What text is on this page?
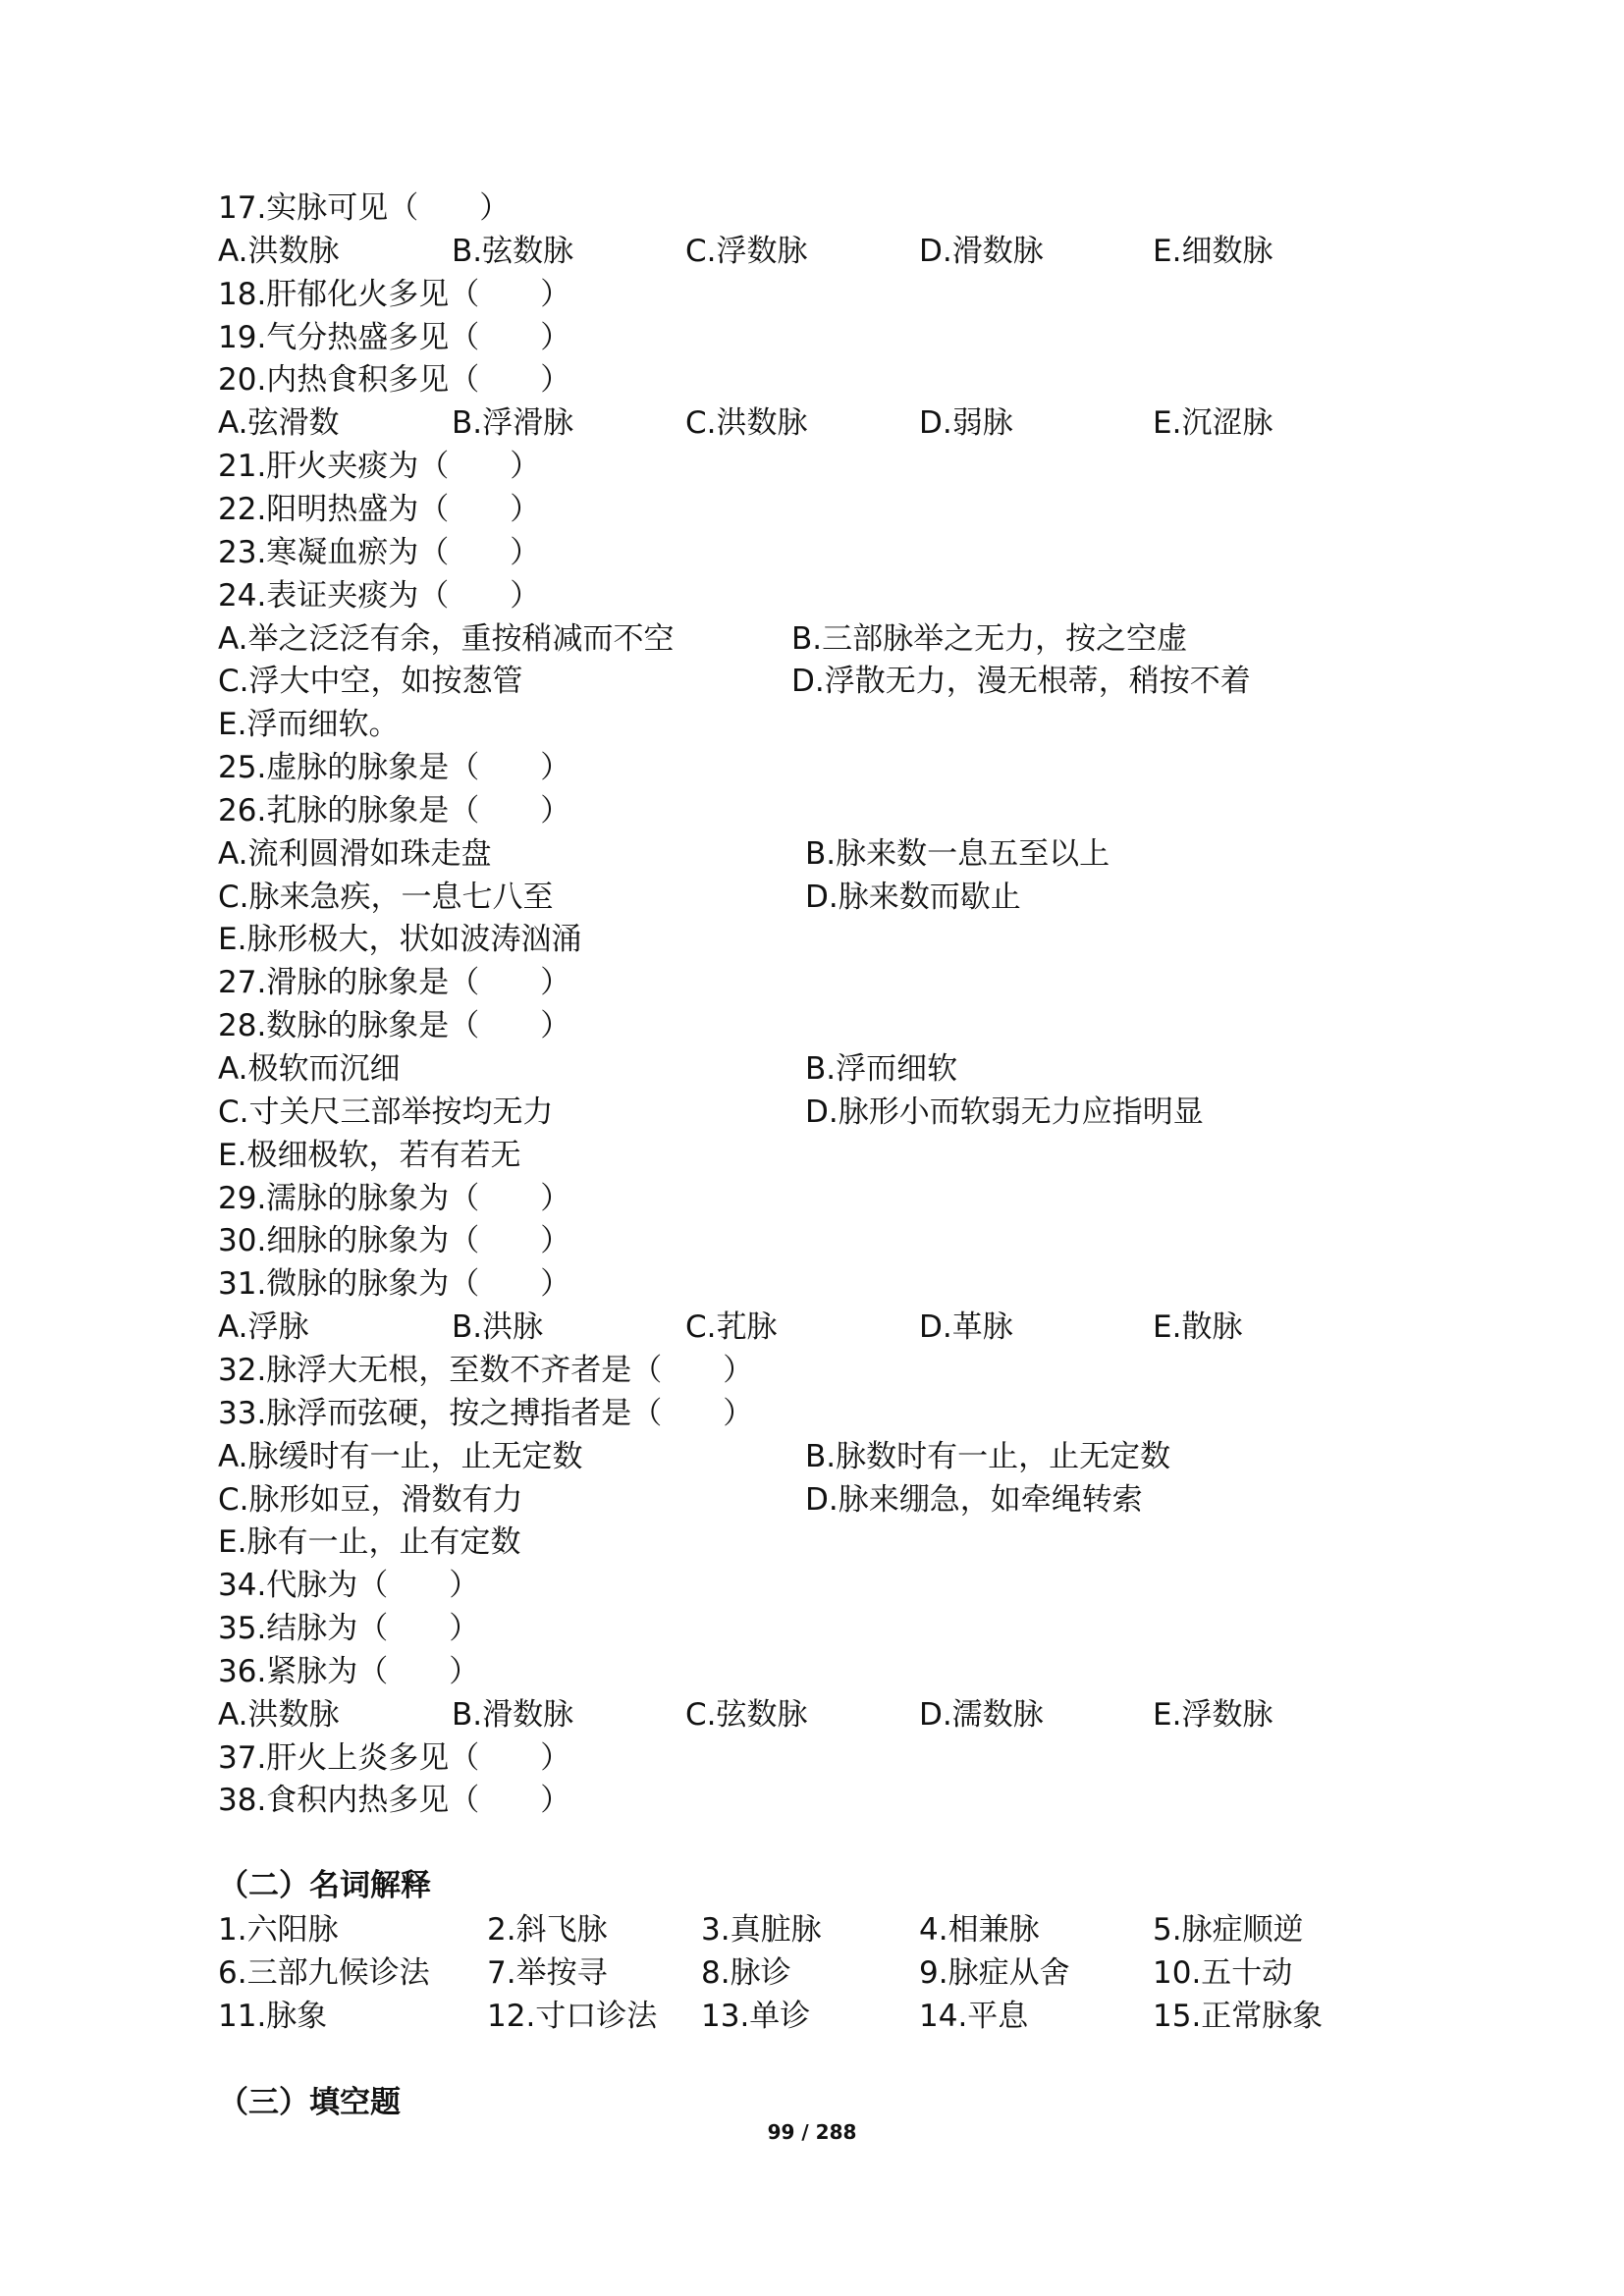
17.实脉可见（　　）
A.洪数脉	B.弦数脉	C.浮数脉	D.滑数脉	E.细数脉
18.肝郁化火多见（　　）
19.气分热盛多见（　　）
20.内热食积多见（　　）
A.弦滑数	B.浮滑脉	C.洪数脉	D.弱脉	E.沉涩脉
21.肝火夹痰为（　　）
22.阳明热盛为（　　）
23.寒凝血瘀为（　　）
24.表证夹痰为（　　）
A.举之泛泛有余，重按稍减而不空	B.三部脉举之无力，按之空虚
C.浮大中空，如按葱管	D.浮散无力，漫无根蒂，稍按不着
E.浮而细软。
25.虚脉的脉象是（　　）
26.芤脉的脉象是（　　）
A.流利圆滑如珠走盘	B.脉来数一息五至以上
C.脉来急疾，一息七八至	D.脉来数而歇止
E.脉形极大，状如波涛汹涌
27.滑脉的脉象是（　　）
28.数脉的脉象是（　　）
A.极软而沉细	B.浮而细软
C.寸关尺三部举按均无力	D.脉形小而软弱无力应指明显
E.极细极软，若有若无
29.濡脉的脉象为（　　）
30.细脉的脉象为（　　）
31.微脉的脉象为（　　）
A.浮脉	B.洪脉	C.芤脉	D.革脉	E.散脉
32.脉浮大无根，至数不齐者是（　　）
33.脉浮而弦硬，按之搏指者是（　　）
A.脉缓时有一止，止无定数	B.脉数时有一止，止无定数
C.脉形如豆，滑数有力	D.脉来绷急，如牵绳转索
E.脉有一止，止有定数
34.代脉为（　　）
35.结脉为（　　）
36.紧脉为（　　）
A.洪数脉	B.滑数脉	C.弦数脉	D.濡数脉	E.浮数脉
37.肝火上炎多见（　　）
38.食积内热多见（　　）
（二）名词解释
1.六阳脉	2.斜飞脉	3.真脏脉	4.相兼脉	5.脉症顺逆
6.三部九候诊法 7.举按寻	8.脉诊	9.脉症从舍	10.五十动
11.脉象	12.寸口诊法 13.单诊	14.平息	15.正常脉象
（三）填空题
99 / 288
